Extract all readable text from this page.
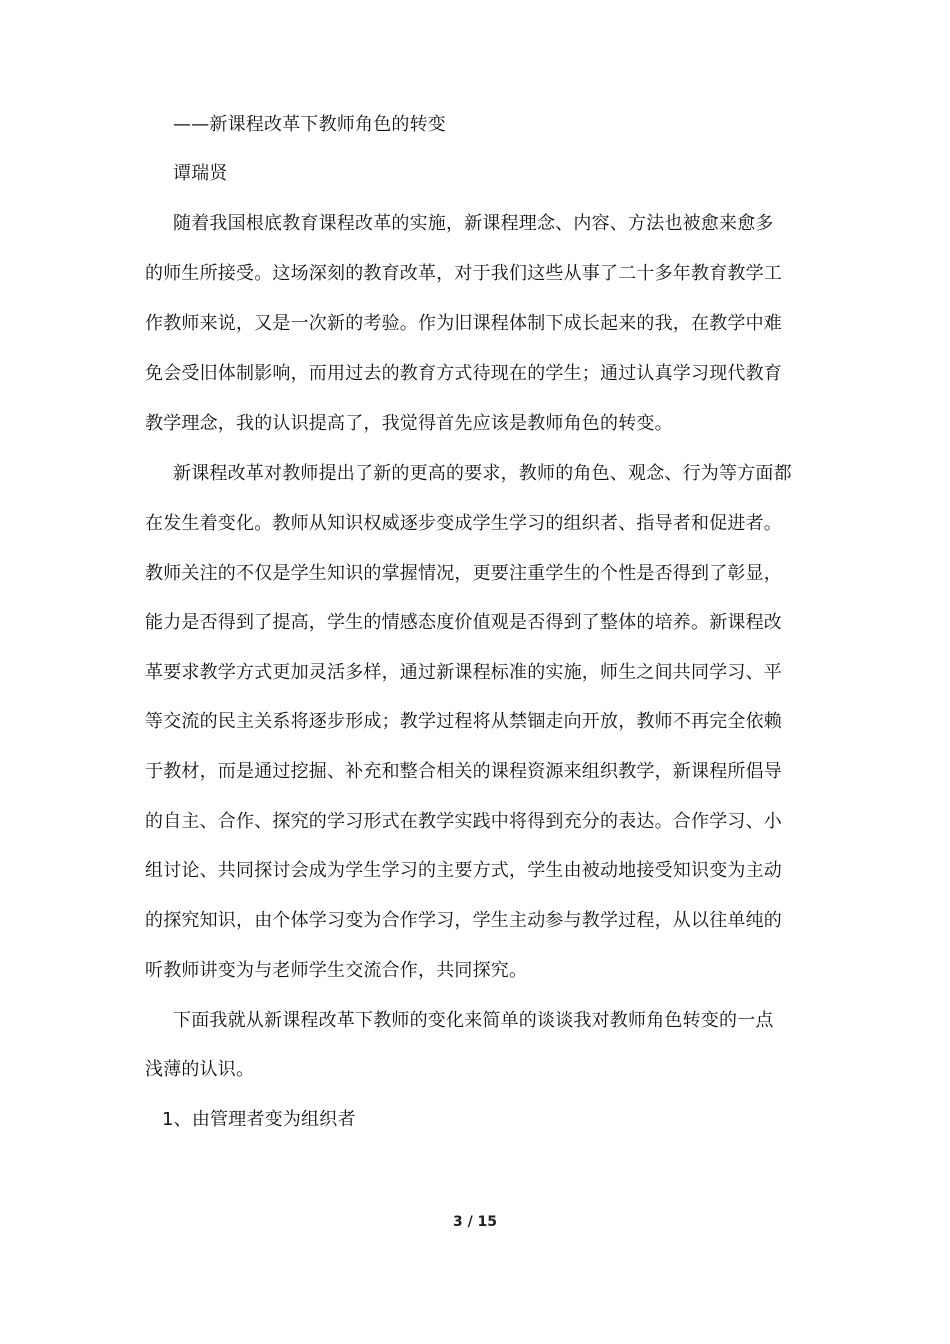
——新课程改革下教师角色的转变
谭瑞贤
随着我国根底教育课程改革的实施，新课程理念、内容、方法也被愈来愈多
的师生所接受。这场深刻的教育改革，对于我们这些从事了二十多年教育教学工
作教师来说，又是一次新的考验。作为旧课程体制下成长起来的我，在教学中难
免会受旧体制影响，而用过去的教育方式待现在的学生；通过认真学习现代教育
教学理念，我的认识提高了，我觉得首先应该是教师角色的转变。
新课程改革对教师提出了新的更高的要求，教师的角色、观念、行为等方面都
在发生着变化。教师从知识权威逐步变成学生学习的组织者、指导者和促进者。
教师关注的不仅是学生知识的掌握情况，更要注重学生的个性是否得到了彰显，
能力是否得到了提高，学生的情感态度价值观是否得到了整体的培养。新课程改
革要求教学方式更加灵活多样，通过新课程标准的实施，师生之间共同学习、平
等交流的民主关系将逐步形成；教学过程将从禁锢走向开放，教师不再完全依赖
于教材，而是通过挖掘、补充和整合相关的课程资源来组织教学，新课程所倡导
的自主、合作、探究的学习形式在教学实践中将得到充分的表达。合作学习、小
组讨论、共同探讨会成为学生学习的主要方式，学生由被动地接受知识变为主动
的探究知识，由个体学习变为合作学习，学生主动参与教学过程，从以往单纯的
听教师讲变为与老师学生交流合作，共同探究。
下面我就从新课程改革下教师的变化来简单的谈谈我对教师角色转变的一点
浅薄的认识。
1、由管理者变为组织者
3 / 15
